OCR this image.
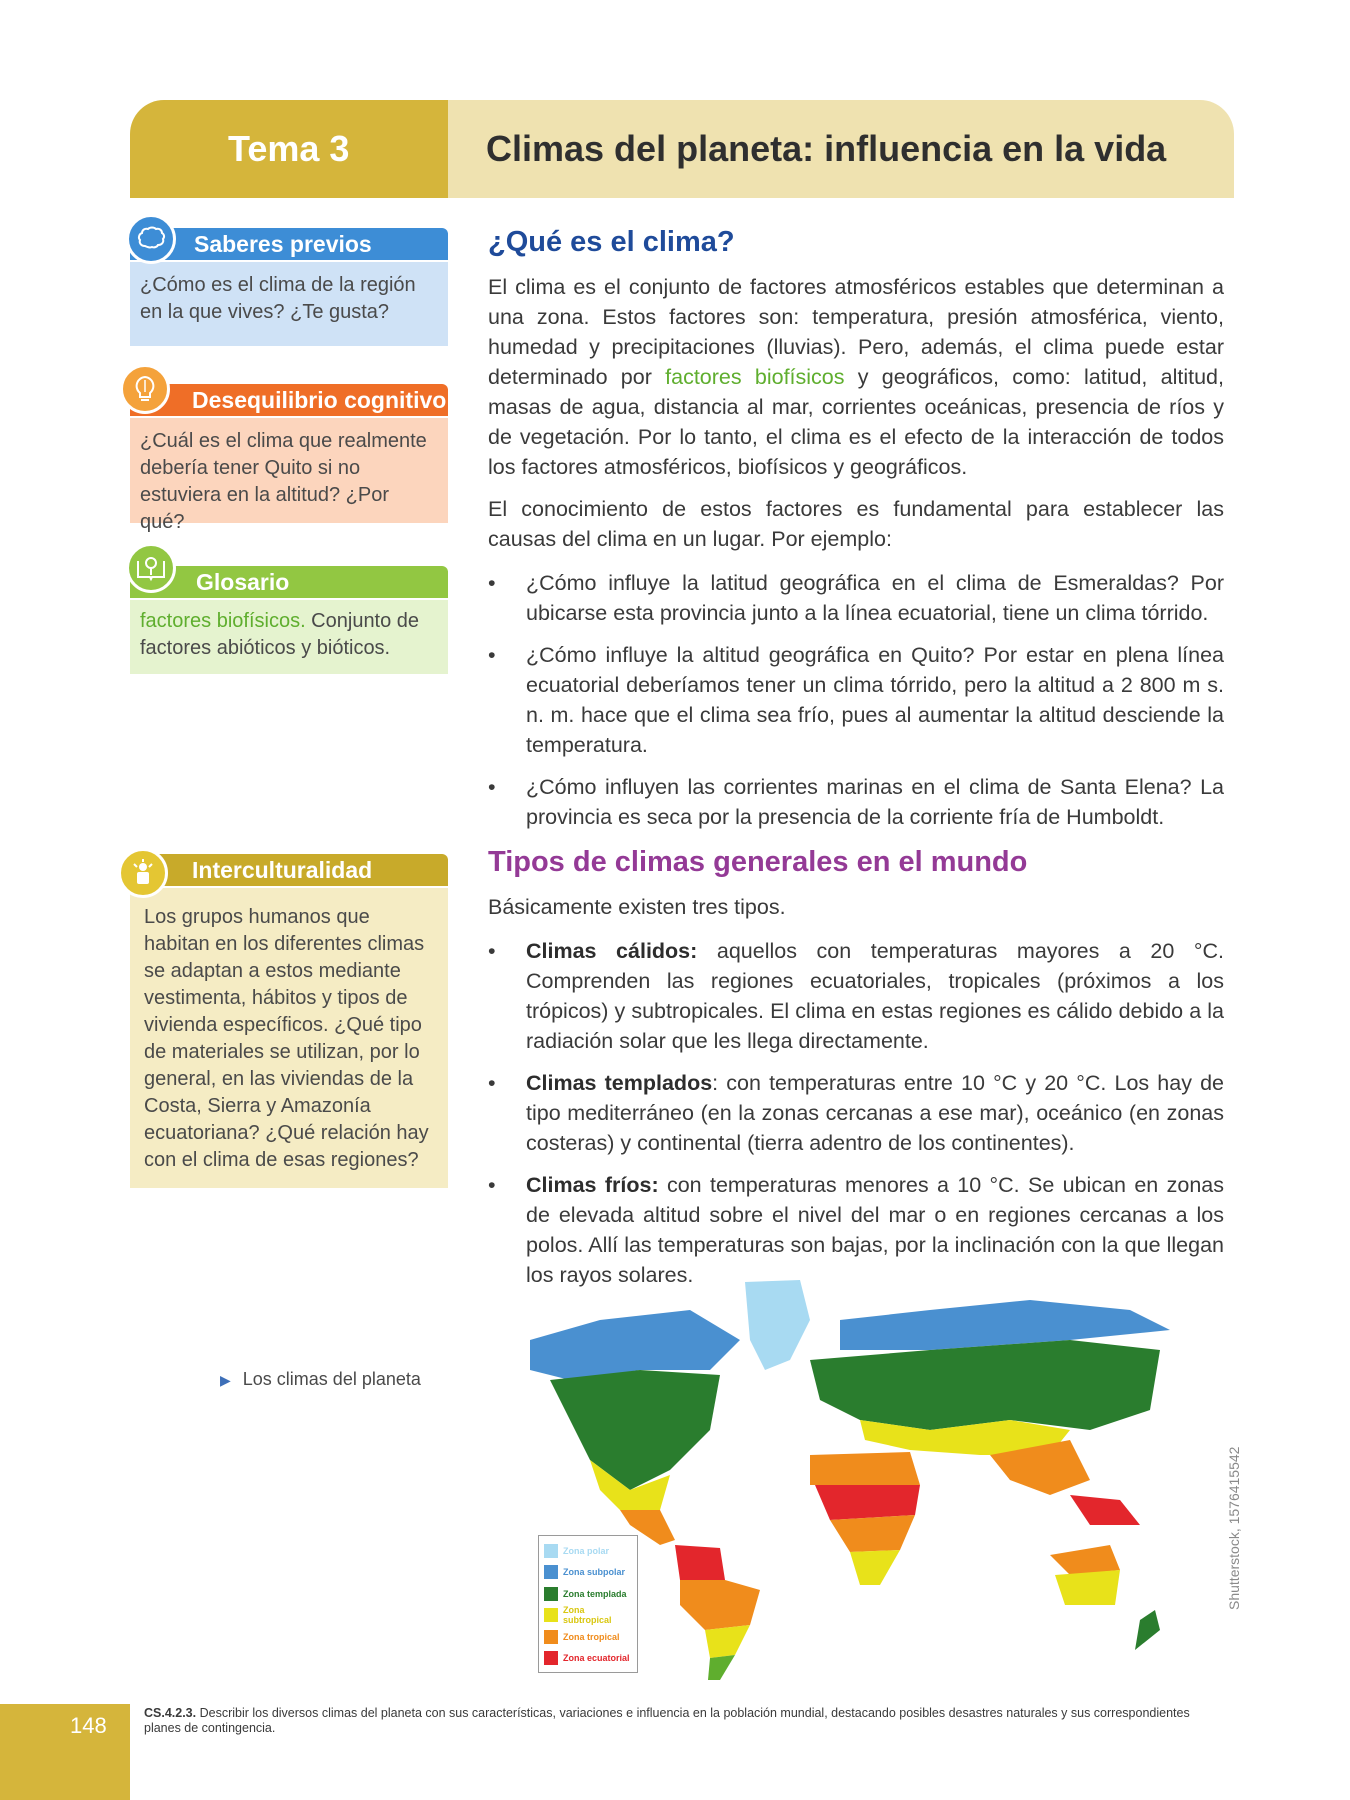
Tema 3	Climas del planeta: influencia en la vida
Saberes previos
¿Cómo es el clima de la región en la que vives? ¿Te gusta?
Desequilibrio cognitivo
¿Cuál es el clima que realmente debería tener Quito si no estuviera en la altitud? ¿Por qué?
Glosario
factores biofísicos. Conjunto de factores abióticos y bióticos.
Interculturalidad
Los grupos humanos que habitan en los diferentes climas se adaptan a estos mediante vestimenta, hábitos y tipos de vivienda específicos. ¿Qué tipo de materiales se utilizan, por lo general, en las viviendas de la Costa, Sierra y Amazonía ecuatoriana? ¿Qué relación hay con el clima de esas regiones?
¿Qué es el clima?
El clima es el conjunto de factores atmosféricos estables que determinan a una zona. Estos factores son: temperatura, presión atmosférica, viento, humedad y precipitaciones (lluvias). Pero, además, el clima puede estar determinado por factores biofísicos y geográficos, como: latitud, altitud, masas de agua, distancia al mar, corrientes oceánicas, presencia de ríos y de vegetación. Por lo tanto, el clima es el efecto de la interacción de todos los factores atmosféricos, biofísicos y geográficos.
El conocimiento de estos factores es fundamental para establecer las causas del clima en un lugar. Por ejemplo:
• ¿Cómo influye la latitud geográfica en el clima de Esmeraldas? Por ubicarse esta provincia junto a la línea ecuatorial, tiene un clima tórrido.
• ¿Cómo influye la altitud geográfica en Quito? Por estar en plena línea ecuatorial deberíamos tener un clima tórrido, pero la altitud a 2 800 m s. n. m. hace que el clima sea frío, pues al aumentar la altitud desciende la temperatura.
• ¿Cómo influyen las corrientes marinas en el clima de Santa Elena? La provincia es seca por la presencia de la corriente fría de Humboldt.
Tipos de climas generales en el mundo
Básicamente existen tres tipos.
• Climas cálidos: aquellos con temperaturas mayores a 20 °C. Comprenden las regiones ecuatoriales, tropicales (próximos a los trópicos) y subtropicales. El clima en estas regiones es cálido debido a la radiación solar que les llega directamente.
• Climas templados: con temperaturas entre 10 °C y 20 °C. Los hay de tipo mediterráneo (en la zonas cercanas a ese mar), oceánico (en zonas costeras) y continental (tierra adentro de los continentes).
• Climas fríos: con temperaturas menores a 10 °C. Se ubican en zonas de elevada altitud sobre el nivel del mar o en regiones cercanas a los polos. Allí las temperaturas son bajas, por la inclinación con la que llegan los rayos solares.
▶ Los climas del planeta
Zona polar
Zona subpolar
Zona templada
Zona subtropical
Zona tropical
Zona ecuatorial
Shutterstock, 1576415542
148	CS.4.2.3. Describir los diversos climas del planeta con sus características, variaciones e influencia en la población mundial, destacando posibles desastres naturales y sus correspondientes planes de contingencia.
